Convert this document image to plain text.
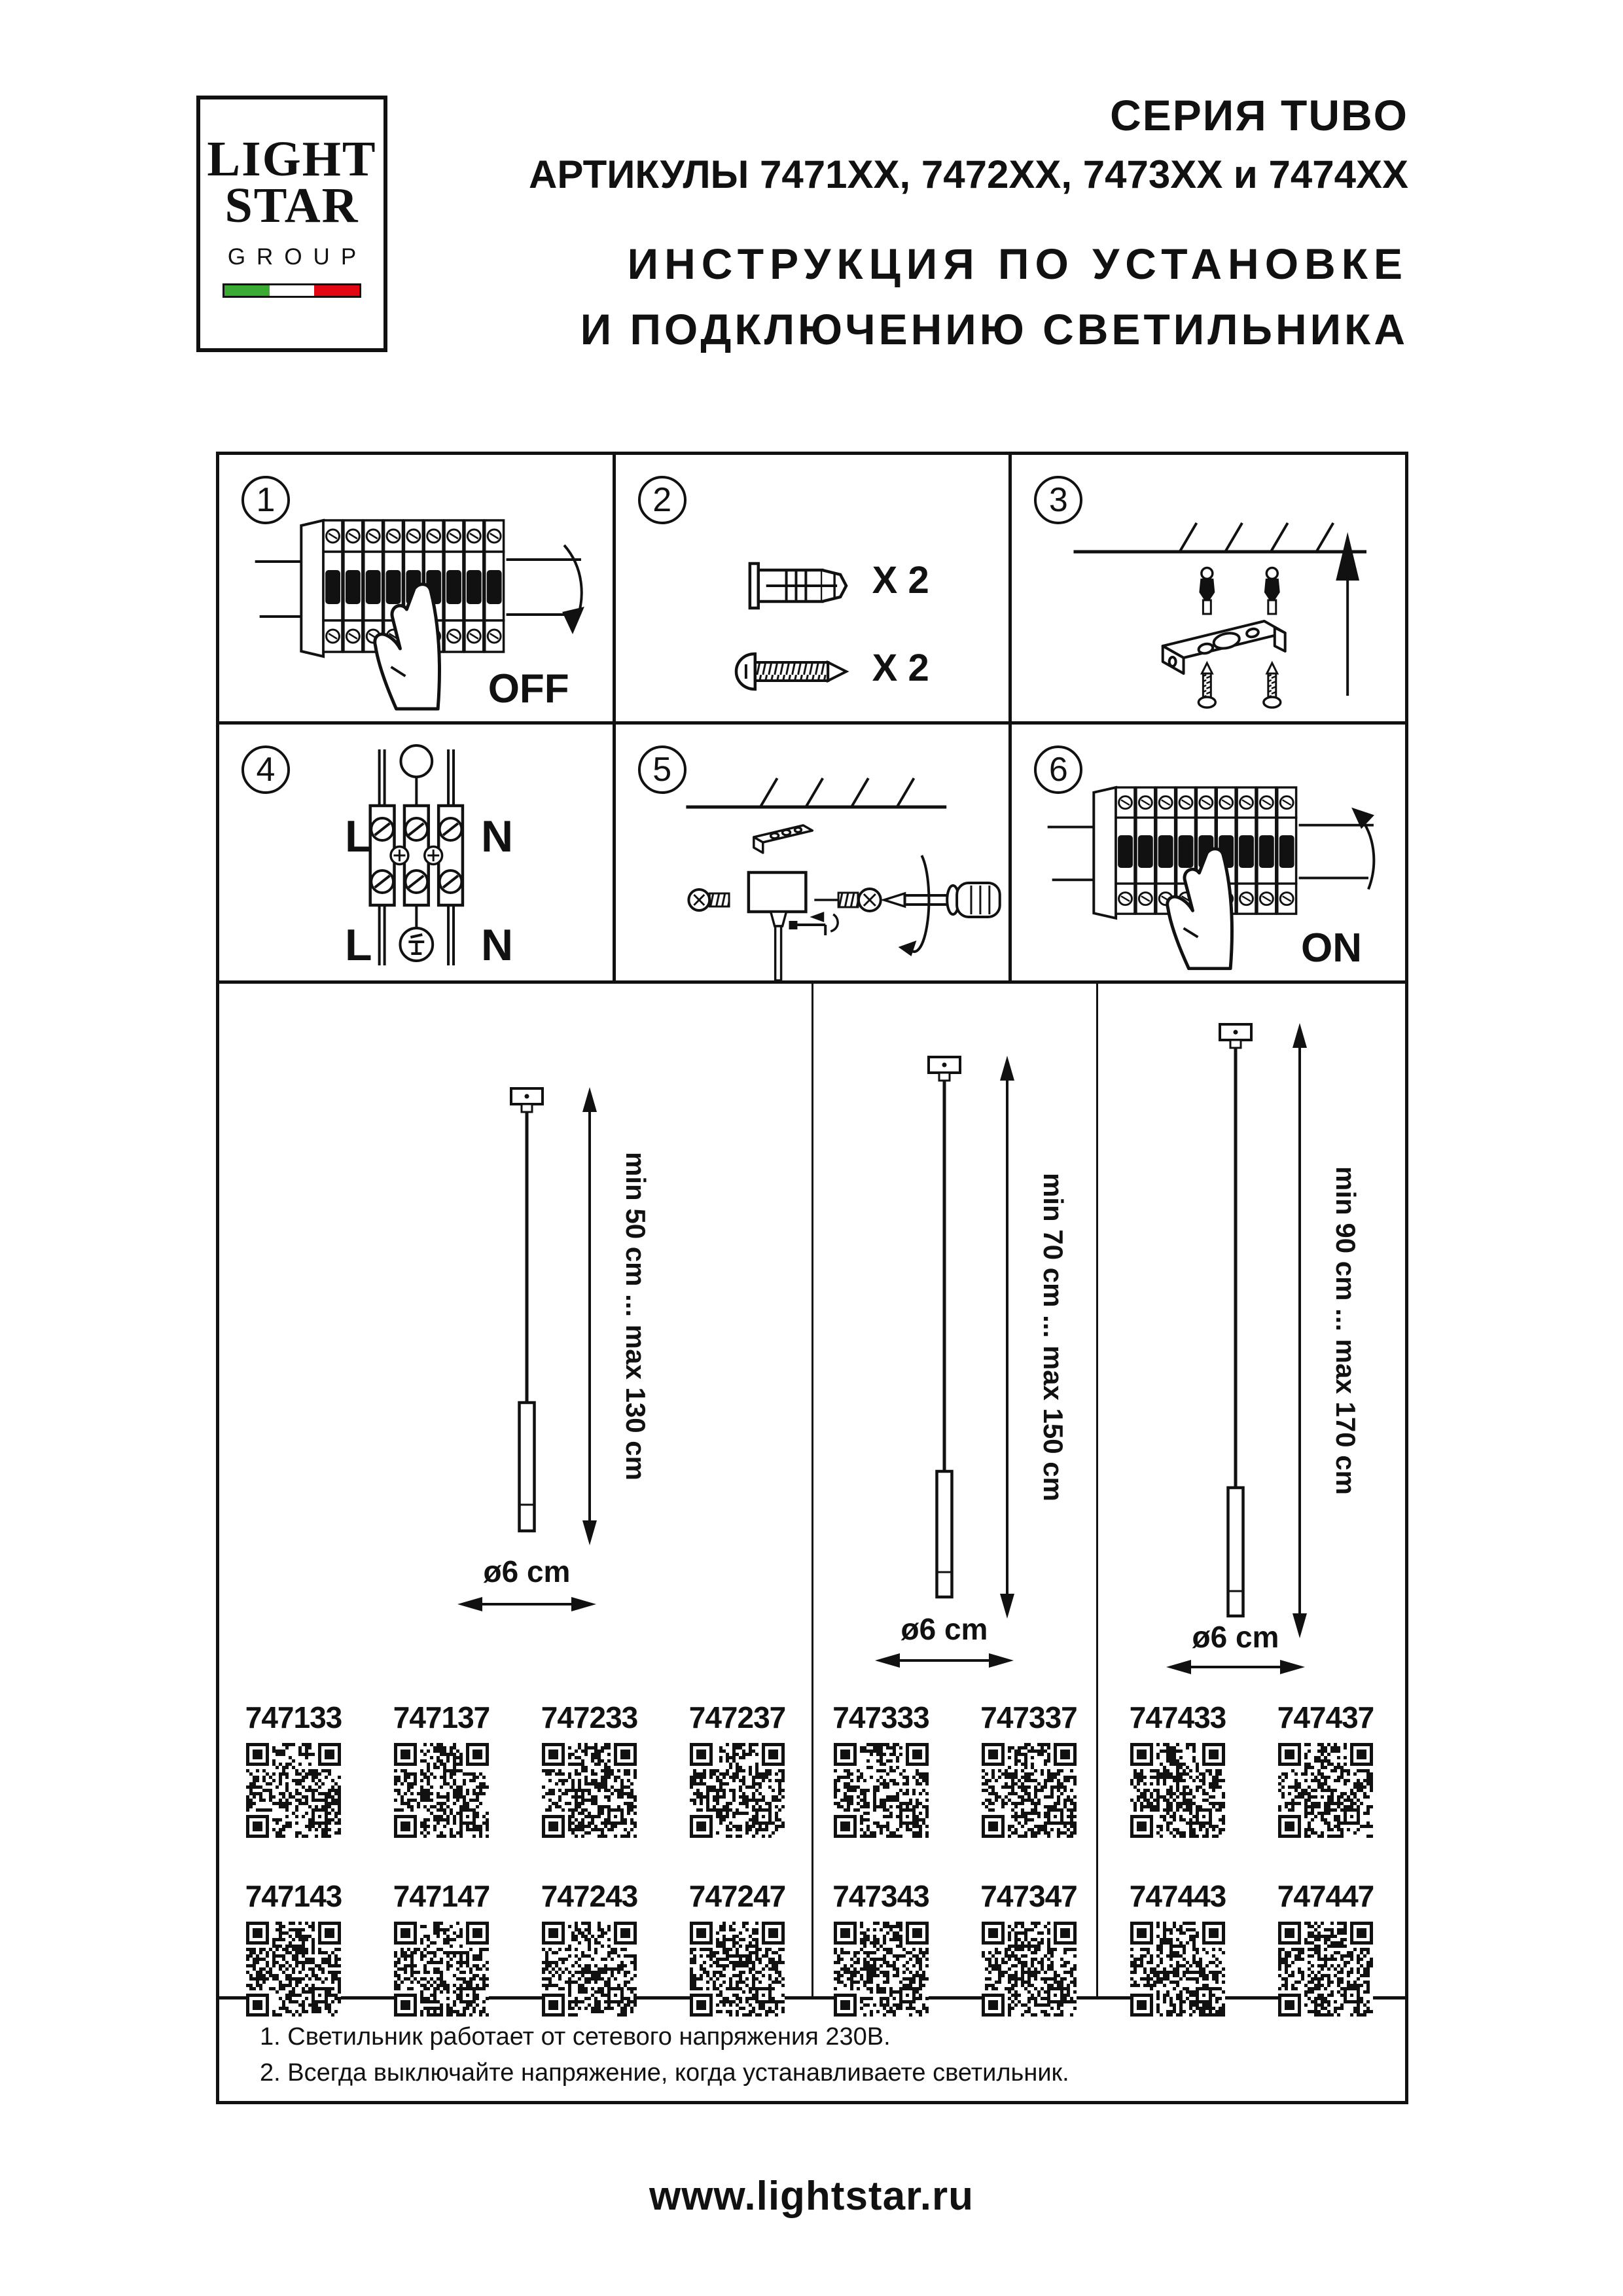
LIGHT
STAR
GROUP
СЕРИЯ TUBO
АРТИКУЛЫ 7471XX, 7472XX, 7473XX и 7474XX
ИНСТРУКЦИЯ ПО УСТАНОВКЕ
И ПОДКЛЮЧЕНИЮ СВЕТИЛЬНИКА
1
OFF
2
X 2
X 2
3
4
L N
L N
5	6
ON
min 50 cm ... max 130 cm
ø6 cm
747133 747137 747233 747237
747143 747147 747243 747247
min 70 cm ... max 150 cm
ø6 cm
747333 747337
747343 747347
min 90 cm ... max 170 cm
ø6 cm
747433 747437
747443 747447
1. Светильник работает от сетевого напряжения 230В.
2. Всегда выключайте напряжение, когда устанавливаете светильник.
www.lightstar.ru
